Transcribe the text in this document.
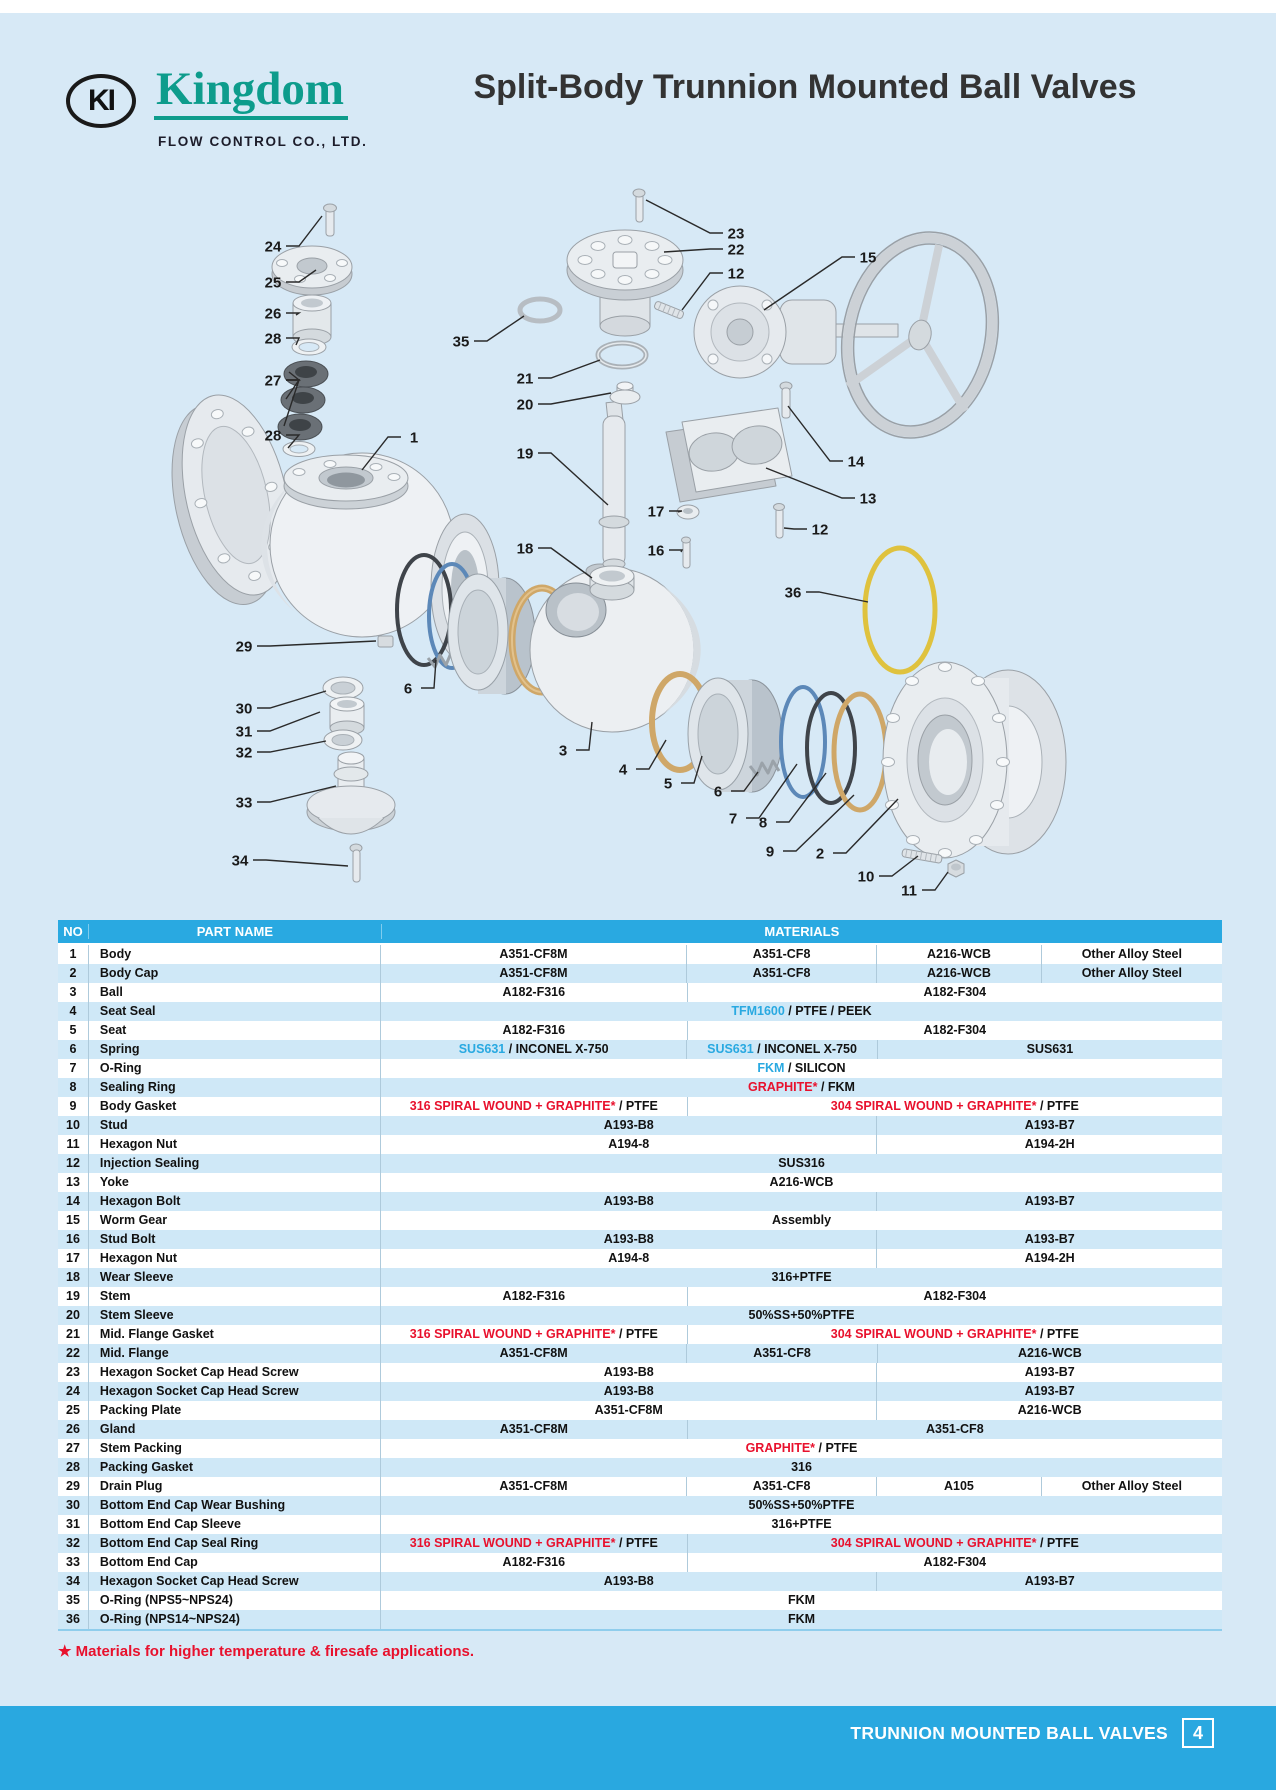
KI Kingdom
FLOW CONTROL CO., LTD.
Split-Body Trunnion Mounted Ball Valves
24
25
26
28
27
28	1
35
21
20
19
18
23
22
12
15
14
13
12
17
16
36
29
30
31
32
33
34
6
3
4
5	6
7 8
9	2
10
11
NO	PART NAME	MATERIALS
1	Body	A351-CF8M	A351-CF8	A216-WCB	Other Alloy Steel
2	Body Cap	A351-CF8M	A351-CF8	A216-WCB	Other Alloy Steel
3	Ball	A182-F316	A182-F304
4	Seat Seal	TFM1600 / PTFE / PEEK
5	Seat	A182-F316	A182-F304
6	Spring	SUS631 / INCONEL X-750	SUS631 / INCONEL X-750	SUS631
7	O-Ring	FKM / SILICON
8	Sealing Ring	GRAPHITE* / FKM
9	Body Gasket	316 SPIRAL WOUND + GRAPHITE* / PTFE	304 SPIRAL WOUND + GRAPHITE* / PTFE
10	Stud	A193-B8	A193-B7
11	Hexagon Nut	A194-8	A194-2H
12	Injection Sealing	SUS316
13	Yoke	A216-WCB
14	Hexagon Bolt	A193-B8	A193-B7
15	Worm Gear	Assembly
16	Stud Bolt	A193-B8	A193-B7
17	Hexagon Nut	A194-8	A194-2H
18	Wear Sleeve	316+PTFE
19	Stem	A182-F316	A182-F304
20	Stem Sleeve	50%SS+50%PTFE
21	Mid. Flange Gasket	316 SPIRAL WOUND + GRAPHITE* / PTFE	304 SPIRAL WOUND + GRAPHITE* / PTFE
22	Mid. Flange	A351-CF8M	A351-CF8	A216-WCB
23	Hexagon Socket Cap Head Screw	A193-B8	A193-B7
24	Hexagon Socket Cap Head Screw	A193-B8	A193-B7
25	Packing Plate	A351-CF8M	A216-WCB
26	Gland	A351-CF8M	A351-CF8
27	Stem Packing	GRAPHITE* / PTFE
28	Packing Gasket	316
29	Drain Plug	A351-CF8M	A351-CF8	A105	Other Alloy Steel
30	Bottom End Cap Wear Bushing	50%SS+50%PTFE
31	Bottom End Cap Sleeve	316+PTFE
32	Bottom End Cap Seal Ring	316 SPIRAL WOUND + GRAPHITE* / PTFE	304 SPIRAL WOUND + GRAPHITE* / PTFE
33	Bottom End Cap	A182-F316	A182-F304
34	Hexagon Socket Cap Head Screw	A193-B8	A193-B7
35	O-Ring (NPS5~NPS24)	FKM
36	O-Ring (NPS14~NPS24)	FKM
★ Materials for higher temperature & firesafe applications.
TRUNNION MOUNTED BALL VALVES 4
